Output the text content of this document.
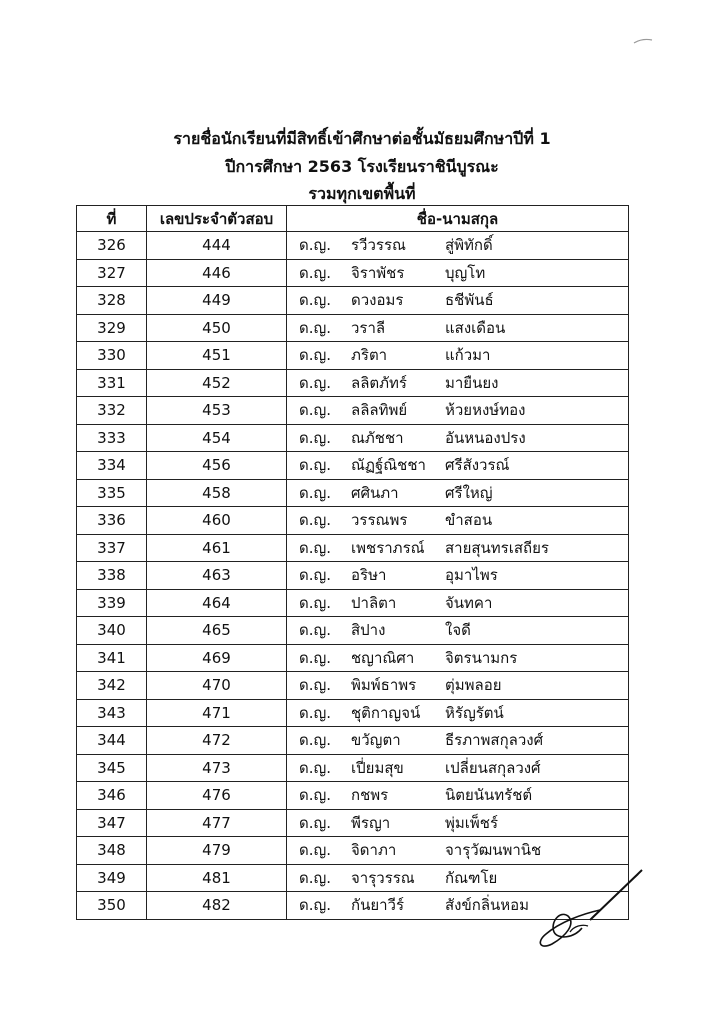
รายชื่อนักเรียนที่มีสิทธิ์เข้าศึกษาต่อชั้นมัธยมศึกษาปีที่ 1
ปีการศึกษา 2563 โรงเรียนราชินีบูรณะ
รวมทุกเขตพื้นที่
ที่	เลขประจำตัวสอบ	ชื่อ-นามสกุล
326	444	ด.ญ. รวีวรรณ สู่พิทักดิ์

327	446	ด.ญ. จิราพัชร บุญโท

328	449	ด.ญ. ดวงอมร ธชีพันธ์

329	450	ด.ญ. วราลี แสงเดือน

330	451	ด.ญ. ภริตา แก้วมา

331	452	ด.ญ. ลลิตภัทร์ มายืนยง

332	453	ด.ญ. ลลิลทิพย์ ห้วยหงษ์ทอง

333	454	ด.ญ. ณภัชชา อันหนองปรง

334	456	ด.ญ. ณัฏฐ์ณิชชา ศรีสังวรณ์

335	458	ด.ญ. ศศินภา ศรีใหญ่

336	460	ด.ญ. วรรณพร ขำสอน

337	461	ด.ญ. เพชราภรณ์ สายสุนทรเสถียร

338	463	ด.ญ. อริษา อุมาไพร

339	464	ด.ญ. ปาลิตา จันทคา

340	465	ด.ญ. สิปาง ใจดี

341	469	ด.ญ. ชญาณิศา จิตรนามกร

342	470	ด.ญ. พิมพ์ธาพร ตุ่มพลอย

343	471	ด.ญ. ชุติกาญจน์ หิรัญรัตน์

344	472	ด.ญ. ขวัญตา ธีรภาพสกุลวงศ์

345	473	ด.ญ. เปี่ยมสุข เปลี่ยนสกุลวงศ์

346	476	ด.ญ. กชพร นิตยนันทรัชต์

347	477	ด.ญ. พีรญา พุ่มเพ็ชร์

348	479	ด.ญ. จิดาภา จารุวัฒนพานิช

349	481	ด.ญ. จารุวรรณ กัณฑโย

350	482	ด.ญ. กันยาวีร์ สังข์กลิ่นหอม
